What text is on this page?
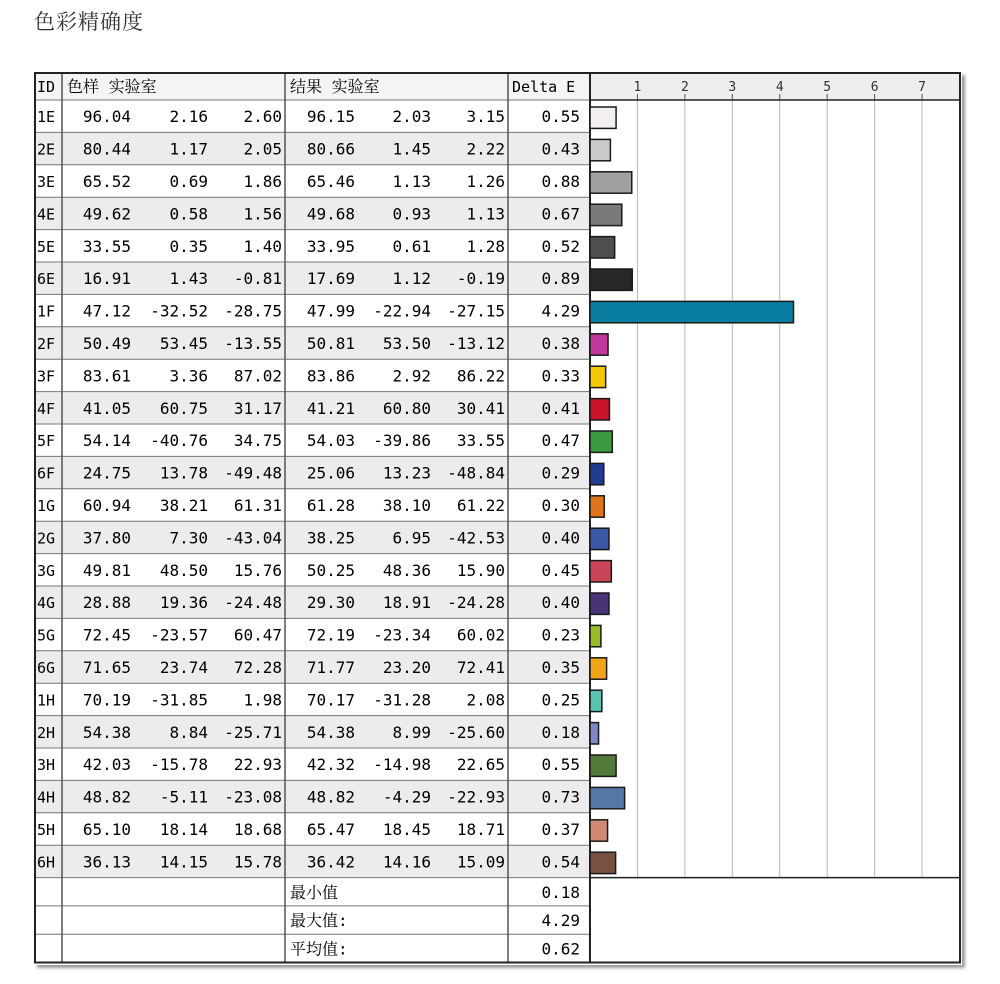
色彩精确度
1	2	3	4	5	6	7
ID 色样 实验室	结果 实验室	Delta E
1E 96.04 2.16 2.60 96.15 2.03 3.15 0.55
2E 80.44 1.17 2.05 80.66 1.45 2.22 0.43
3E 65.52 0.69 1.86 65.46 1.13 1.26 0.88
4E 49.62 0.58 1.56 49.68 0.93 1.13 0.67
5E 33.55 0.35 1.40 33.95 0.61 1.28 0.52
6E 16.91 1.43 -0.81 17.69 1.12 -0.19 0.89
1F 47.12 -32.52 -28.75 47.99 -22.94 -27.15 4.29
2F 50.49 53.45 -13.55 50.81 53.50 -13.12 0.38
3F 83.61 3.36 87.02 83.86 2.92 86.22 0.33
4F 41.05 60.75 31.17 41.21 60.80 30.41 0.41
5F 54.14 -40.76 34.75 54.03 -39.86 33.55 0.47
6F 24.75 13.78 -49.48 25.06 13.23 -48.84 0.29
1G 60.94 38.21 61.31 61.28 38.10 61.22 0.30
2G 37.80 7.30 -43.04 38.25 6.95 -42.53 0.40
3G 49.81 48.50 15.76 50.25 48.36 15.90 0.45
4G 28.88 19.36 -24.48 29.30 18.91 -24.28 0.40
5G 72.45 -23.57 60.47 72.19 -23.34 60.02 0.23
6G 71.65 23.74 72.28 71.77 23.20 72.41 0.35
1H 70.19 -31.85 1.98 70.17 -31.28 2.08 0.25
2H 54.38 8.84 -25.71 54.38 8.99 -25.60 0.18
3H 42.03 -15.78 22.93 42.32 -14.98 22.65 0.55
4H 48.82 -5.11 -23.08 48.82 -4.29 -22.93 0.73
5H 65.10 18.14 18.68 65.47 18.45 18.71 0.37
6H 36.13 14.15 15.78 36.42 14.16 15.09 0.54
最小值	0.18
最大值:	4.29
平均值:	0.62
